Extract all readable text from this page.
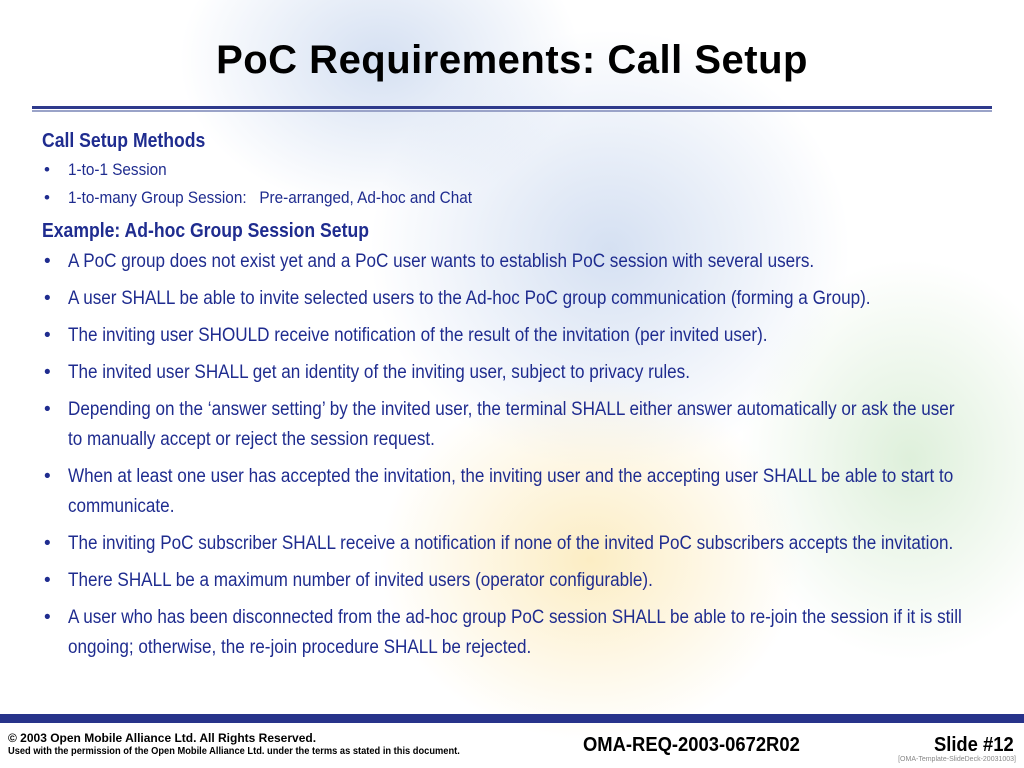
PoC Requirements: Call Setup
Call Setup Methods
• 1-to-1 Session
• 1-to-many Group Session:   Pre-arranged, Ad-hoc and Chat
Example: Ad-hoc Group Session Setup
• A PoC group does not exist yet and a PoC user wants to establish PoC session with several users.
• A user SHALL be able to invite selected users to the Ad-hoc PoC group communication (forming a Group).
• The inviting user SHOULD receive notification of the result of the invitation (per invited user).
• The invited user SHALL get an identity of the inviting user, subject to privacy rules.
• Depending on the ‘answer setting’ by the invited user, the terminal SHALL either answer automatically or ask the user to manually accept or reject the session request.
• When at least one user has accepted the invitation, the inviting user and the accepting user SHALL be able to start to communicate.
• The inviting PoC subscriber SHALL receive a notification if none of the invited PoC subscribers accepts the invitation.
• There SHALL be a maximum number of invited users (operator configurable).
• A user who has been disconnected from the ad-hoc group PoC session SHALL be able to re-join the session if it is still ongoing; otherwise, the re-join procedure SHALL be rejected.
© 2003 Open Mobile Alliance Ltd. All Rights Reserved.
Used with the permission of the Open Mobile Alliance Ltd. under the terms as stated in this document.	OMA-REQ-2003-0672R02	Slide #12
[OMA-Template-SlideDeck-20031003]
